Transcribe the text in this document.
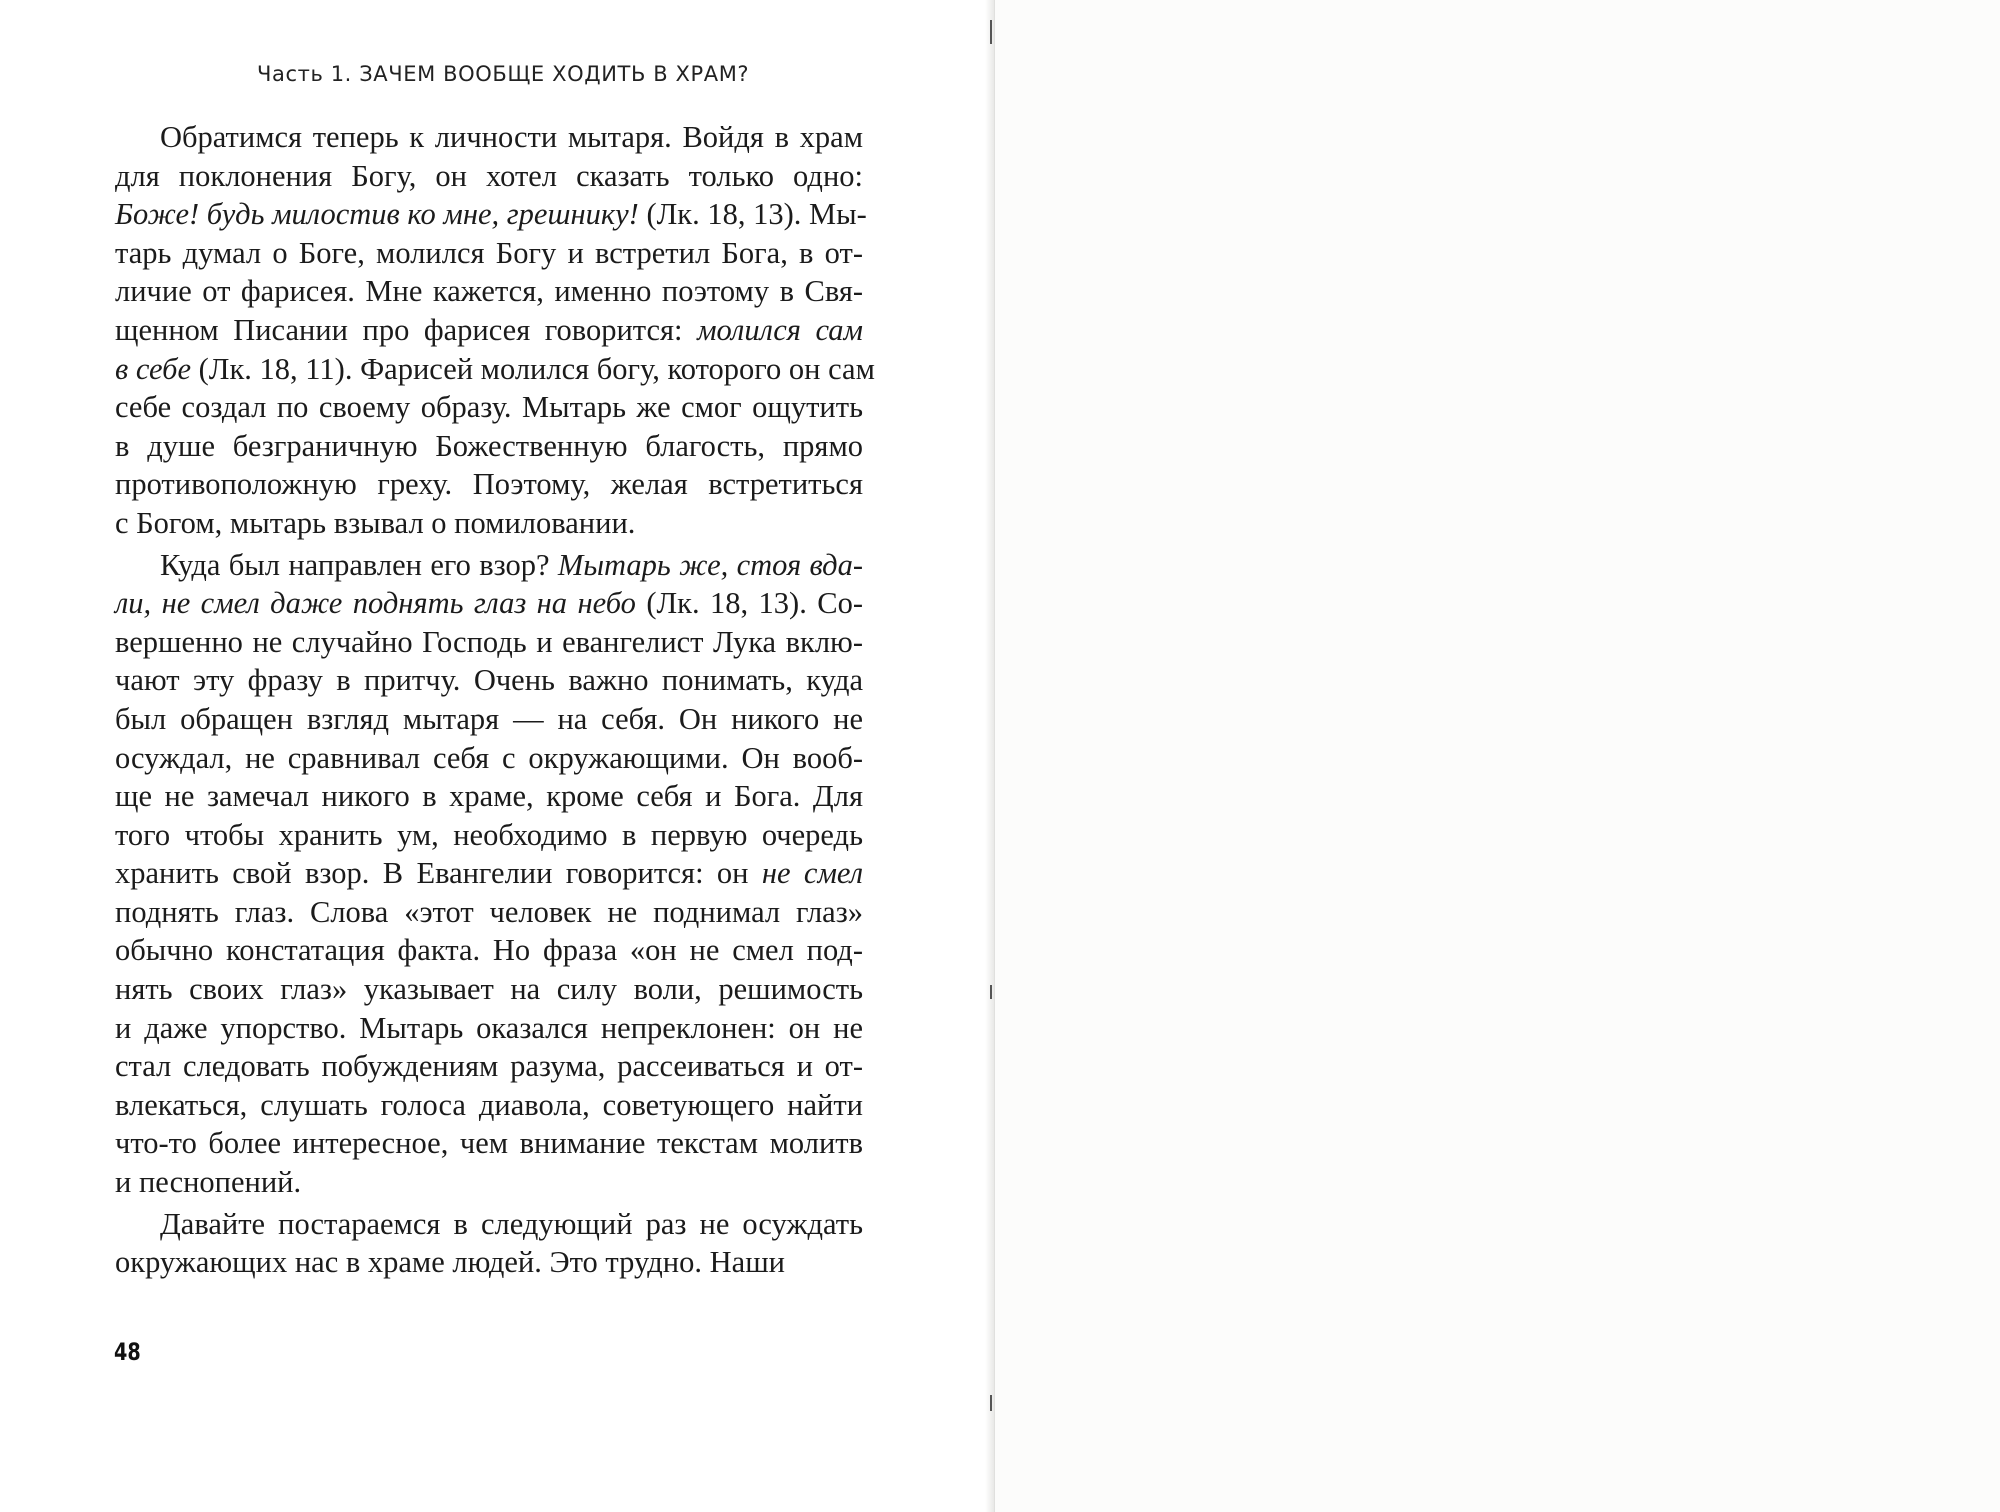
Часть 1. ЗАЧЕМ ВООБЩЕ ХОДИТЬ В ХРАМ?

Обратимся теперь к личности мытаря. Войдя в храм
для поклонения Богу, он хотел сказать только одно:
Боже! будь милостив ко мне, грешнику! (Лк. 18, 13). Мы-
тарь думал о Боге, молился Богу и встретил Бога, в от-
личие от фарисея. Мне кажется, именно поэтому в Свя-
щенном Писании про фарисея говорится: молился сам
в себе (Лк. 18, 11). Фарисей молился богу, которого он сам
себе создал по своему образу. Мытарь же смог ощутить
в душе безграничную Божественную благость, прямо
противоположную греху. Поэтому, желая встретиться
с Богом, мытарь взывал о помиловании.

Куда был направлен его взор? Мытарь же, стоя вда-
ли, не смел даже поднять глаз на небо (Лк. 18, 13). Со-
вершенно не случайно Господь и евангелист Лука вклю-
чают эту фразу в притчу. Очень важно понимать, куда
был обращен взгляд мытаря — на себя. Он никого не
осуждал, не сравнивал себя с окружающими. Он вооб-
ще не замечал никого в храме, кроме себя и Бога. Для
того чтобы хранить ум, необходимо в первую очередь
хранить свой взор. В Евангелии говорится: он не смел
поднять глаз. Слова «этот человек не поднимал глаз»
обычно констатация факта. Но фраза «он не смел под-
нять своих глаз» указывает на силу воли, решимость
и даже упорство. Мытарь оказался непреклонен: он не
стал следовать побуждениям разума, рассеиваться и от-
влекаться, слушать голоса диавола, советующего найти
что-то более интересное, чем внимание текстам молитв
и песнопений.

Давайте постараемся в следующий раз не осуждать
окружающих нас в храме людей. Это трудно. Наши

48
